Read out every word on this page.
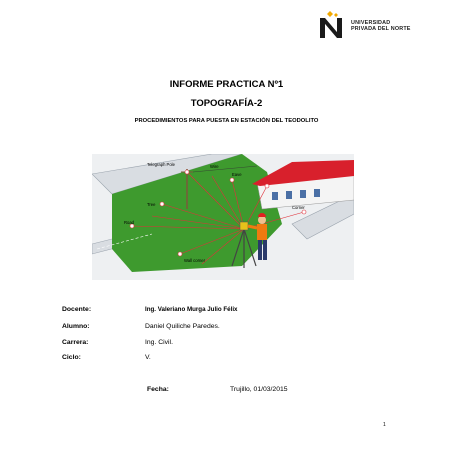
UNIVERSIDAD
PRIVADA DEL NORTE
INFORME PRACTICA Nº1
TOPOGRAFÍA-2
PROCEDIMIENTOS PARA PUESTA EN ESTACIÓN DEL TEODOLITO
Telegraph Pole	Wire
Eave
Tree
Road
Corner
Wall corner
Docente:	Ing. Valeriano Murga Julio Félix
Alumno:	Daniel Quiliche Paredes.
Carrera:	Ing. Civil.
Ciclo:	V.
Fecha:	Trujillo, 01/03/2015
1
